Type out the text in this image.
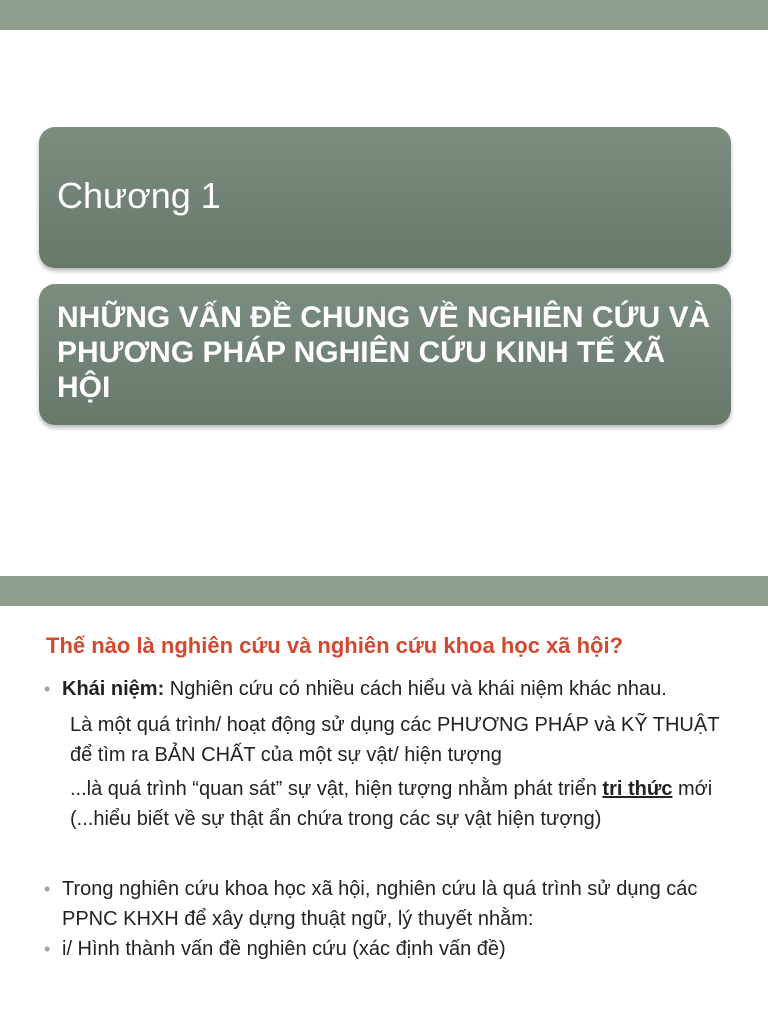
Chương 1
NHỮNG VẤN ĐỀ CHUNG VỀ NGHIÊN CỨU VÀ PHƯƠNG PHÁP NGHIÊN CỨU KINH TẾ XÃ HỘI
Thế nào là nghiên cứu và nghiên cứu khoa học xã hội?
• Khái niệm: Nghiên cứu có nhiều cách hiểu và khái niệm khác nhau.
Là một quá trình/ hoạt động sử dụng các PHƯƠNG PHÁP và KỸ THUẬT để tìm ra BẢN CHẤT của một sự vật/ hiện tượng
...là quá trình “quan sát” sự vật, hiện tượng nhằm phát triển tri thức mới (...hiểu biết về sự thật ẩn chứa trong các sự vật hiện tượng)
• Trong nghiên cứu khoa học xã hội, nghiên cứu là quá trình sử dụng các PPNC KHXH để xây dựng thuật ngữ, lý thuyết nhằm:
• i/ Hình thành vấn đề nghiên cứu (xác định vấn đề)
